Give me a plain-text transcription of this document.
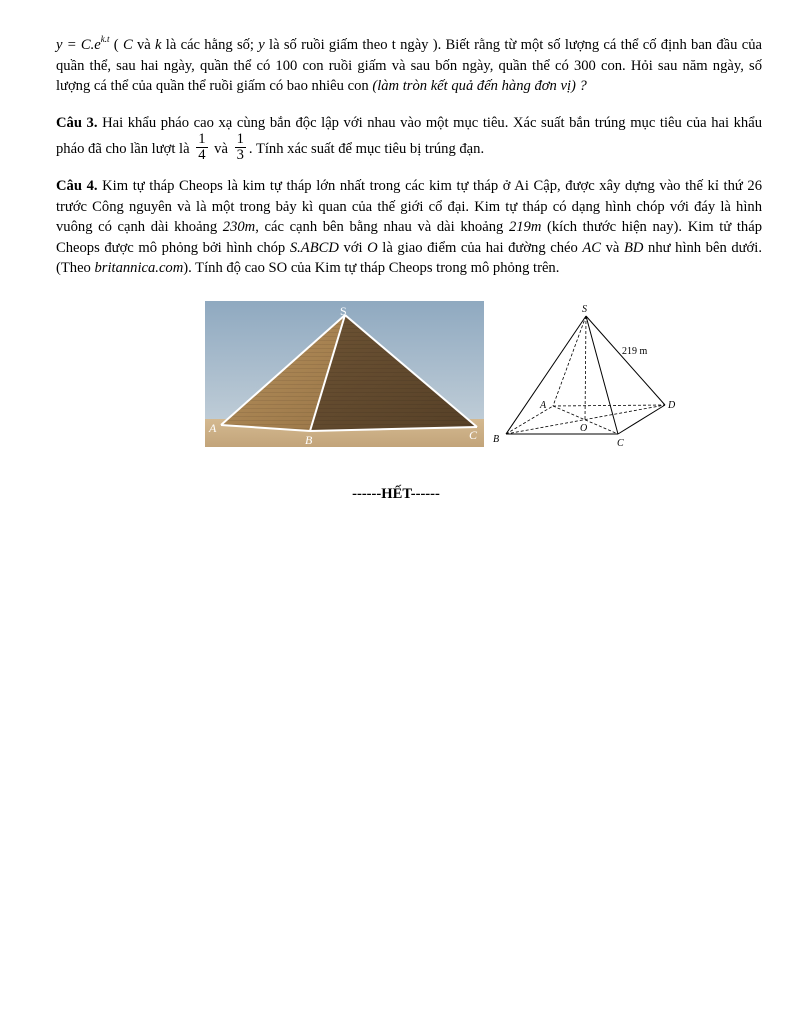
$y = C.e^{k.t}$ ( C và k là các hằng số; y là số ruồi giấm theo t ngày ). Biết rằng từ một số lượng cá thể cố định ban đầu của quần thể, sau hai ngày, quần thể có 100 con ruồi giấm và sau bốn ngày, quần thể có 300 con. Hỏi sau năm ngày, số lượng cá thể của quần thể ruồi giấm có bao nhiêu con (làm tròn kết quả đến hàng đơn vị) ?
Câu 3. Hai khẩu pháo cao xạ cùng bắn độc lập với nhau vào một mục tiêu. Xác suất bắn trúng mục tiêu của hai khẩu pháo đã cho lần lượt là $\frac{1}{4}$ và $\frac{1}{3}$ . Tính xác suất để mục tiêu bị trúng đạn.
Câu 4. Kim tự tháp Cheops là kim tự tháp lớn nhất trong các kim tự tháp ở Ai Cập, được xây dựng vào thế kỉ thứ 26 trước Công nguyên và là một trong bảy kì quan của thế giới cổ đại. Kim tự tháp có dạng hình chóp với đáy là hình vuông có cạnh dài khoảng 230m, các cạnh bên bằng nhau và dài khoảng 219m (kích thước hiện nay). Kim tử tháp Cheops được mô phỏng bởi hình chóp S.ABCD với O là giao điểm của hai đường chéo AC và BD như hình bên dưới. (Theo britannica.com). Tính độ cao SO của Kim tự tháp Cheops trong mô phỏng trên.
S
A
B	C
S
A
B	C
D
O
219 m
------HẾT------
